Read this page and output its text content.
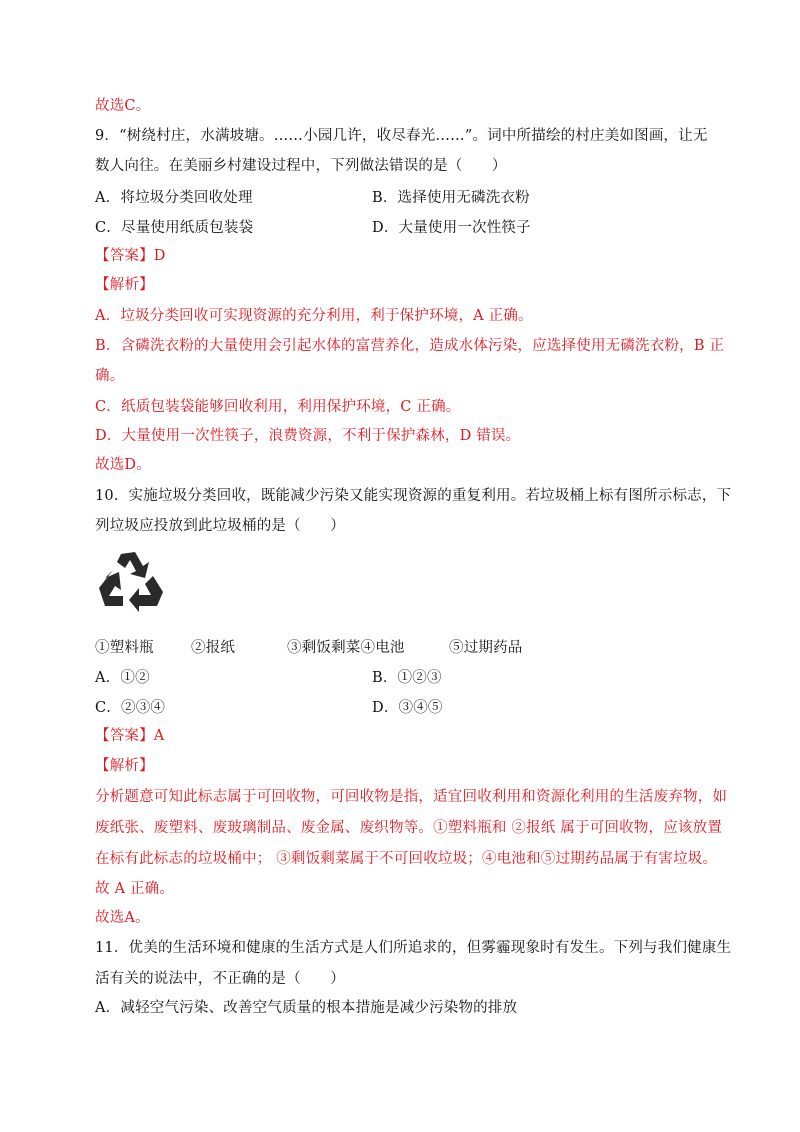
故选C。
9．“树绕村庄，水满坡塘。……小园几许，收尽春光……”。词中所描绘的村庄美如图画，让无
数人向往。在美丽乡村建设过程中，下列做法错误的是（　　）
A．将垃圾分类回收处理	B．选择使用无磷洗衣粉
C．尽量使用纸质包装袋	D．大量使用一次性筷子
【答案】D
【解析】
A．垃圾分类回收可实现资源的充分利用，利于保护环境，A 正确。
B．含磷洗衣粉的大量使用会引起水体的富营养化，造成水体污染，应选择使用无磷洗衣粉，B 正
确。
C．纸质包装袋能够回收利用，利用保护环境，C 正确。
D．大量使用一次性筷子，浪费资源，不利于保护森林，D 错误。
故选D。
10．实施垃圾分类回收，既能减少污染又能实现资源的重复利用。若垃圾桶上标有图所示标志，下
列垃圾应投放到此垃圾桶的是（　　）
①塑料瓶	②报纸	③剩饭剩菜④电池	⑤过期药品
A．①②	B．①②③
C．②③④	D．③④⑤
【答案】A
【解析】
分析题意可知此标志属于可回收物，可回收物是指，适宜回收利用和资源化利用的生活废弃物，如
废纸张、废塑料、废玻璃制品、废金属、废织物等。①塑料瓶和 ②报纸 属于可回收物，应该放置
在标有此标志的垃圾桶中； ③剩饭剩菜属于不可回收垃圾；④电池和⑤过期药品属于有害垃圾。
故 A 正确。
故选A。
11．优美的生活环境和健康的生活方式是人们所追求的，但雾霾现象时有发生。下列与我们健康生
活有关的说法中，不正确的是（　　）
A．减轻空气污染、改善空气质量的根本措施是减少污染物的排放
